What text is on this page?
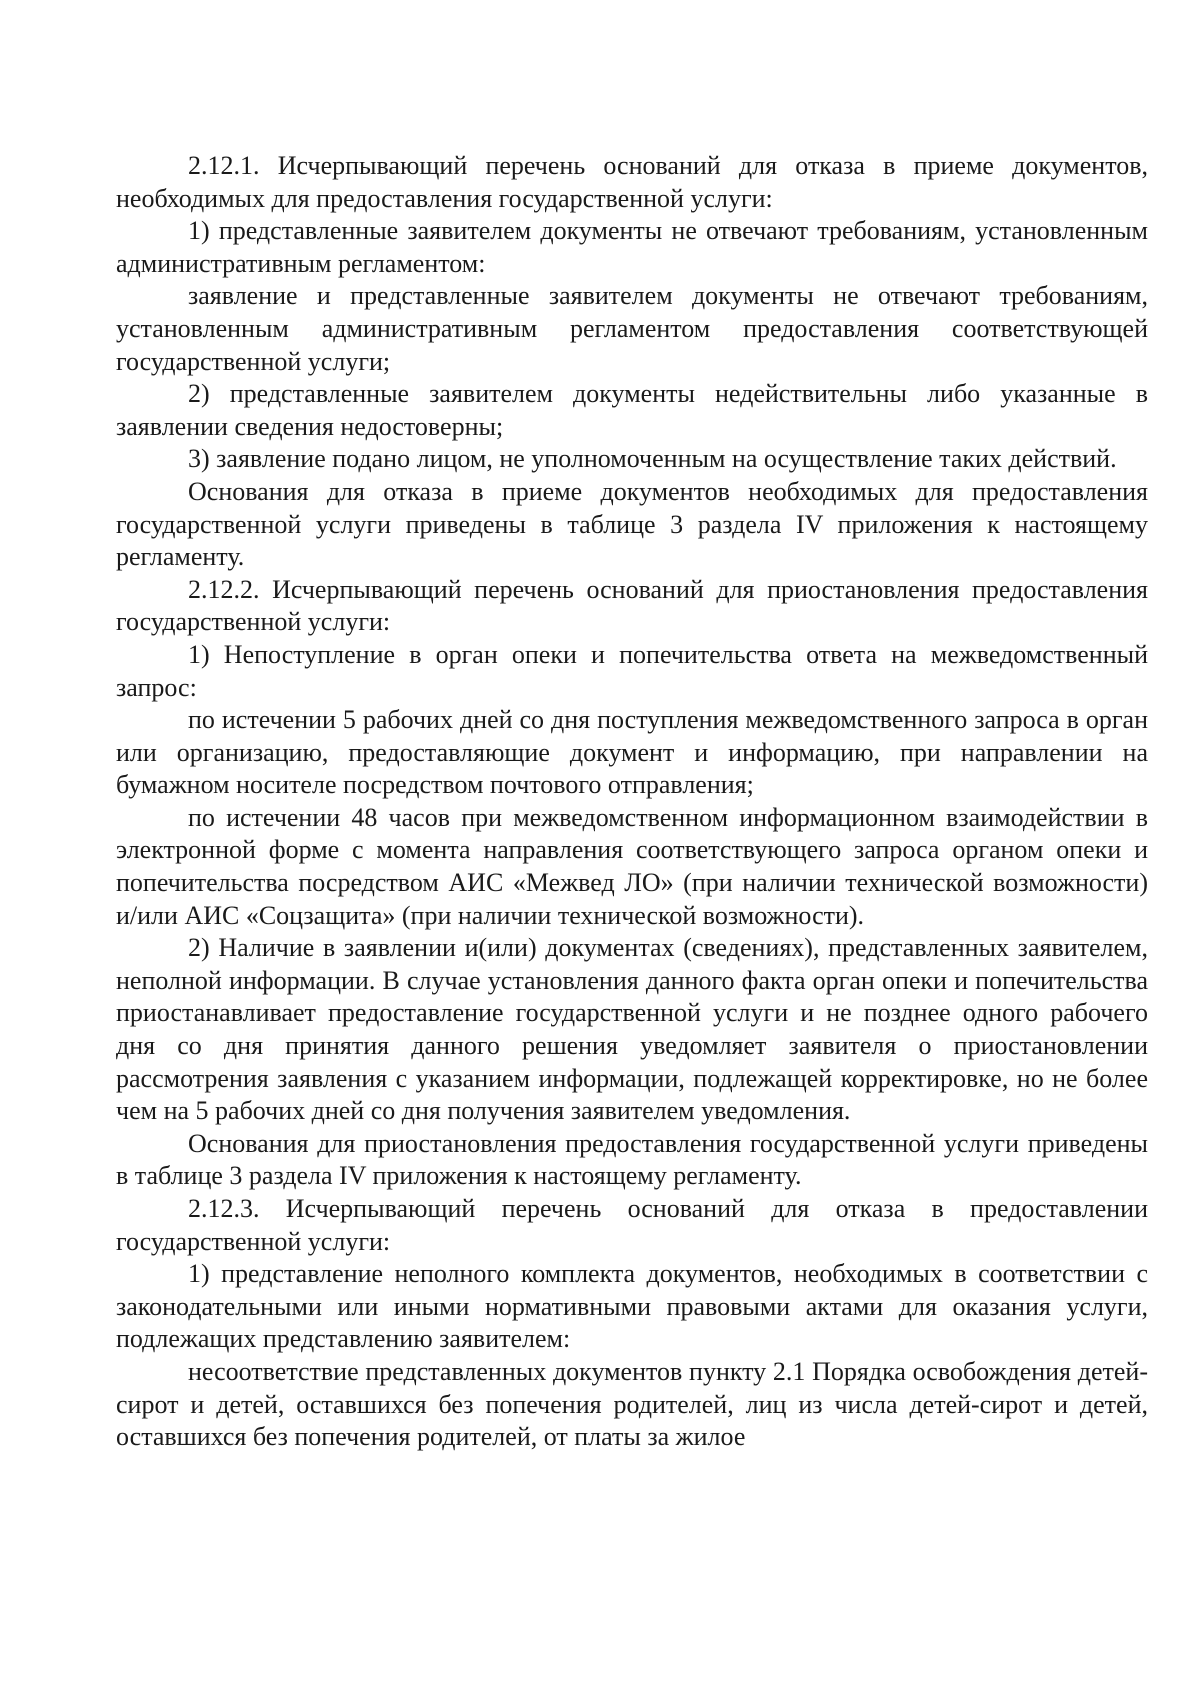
2.12.1. Исчерпывающий перечень оснований для отказа в приеме документов, необходимых для предоставления государственной услуги:

1) представленные заявителем документы не отвечают требованиям, установленным административным регламентом:

заявление и представленные заявителем документы не отвечают требованиям, установленным административным регламентом предоставления соответствующей государственной услуги;

2) представленные заявителем документы недействительны либо указанные в заявлении сведения недостоверны;

3) заявление подано лицом, не уполномоченным на осуществление таких действий.

Основания для отказа в приеме документов необходимых для предоставления государственной услуги приведены в таблице 3 раздела IV приложения к настоящему регламенту.

2.12.2. Исчерпывающий перечень оснований для приостановления предоставления государственной услуги:

1) Непоступление в орган опеки и попечительства ответа на межведомственный запрос:

по истечении 5 рабочих дней со дня поступления межведомственного запроса в орган или организацию, предоставляющие документ и информацию, при направлении на бумажном носителе посредством почтового отправления;

по истечении 48 часов при межведомственном информационном взаимодействии в электронной форме с момента направления соответствующего запроса органом опеки и попечительства посредством АИС «Межвед ЛО» (при наличии технической возможности) и/или АИС «Соцзащита» (при наличии технической возможности).

2) Наличие в заявлении и(или) документах (сведениях), представленных заявителем, неполной информации. В случае установления данного факта орган опеки и попечительства приостанавливает предоставление государственной услуги и не позднее одного рабочего дня со дня принятия данного решения уведомляет заявителя о приостановлении рассмотрения заявления с указанием информации, подлежащей корректировке, но не более чем на 5 рабочих дней со дня получения заявителем уведомления.

Основания для приостановления предоставления государственной услуги приведены в таблице 3 раздела IV приложения к настоящему регламенту.

2.12.3. Исчерпывающий перечень оснований для отказа в предоставлении государственной услуги:

1) представление неполного комплекта документов, необходимых в соответствии с законодательными или иными нормативными правовыми актами для оказания услуги, подлежащих представлению заявителем:

несоответствие представленных документов пункту 2.1 Порядка освобождения детей-сирот и детей, оставшихся без попечения родителей, лиц из числа детей-сирот и детей, оставшихся без попечения родителей, от платы за жилое
